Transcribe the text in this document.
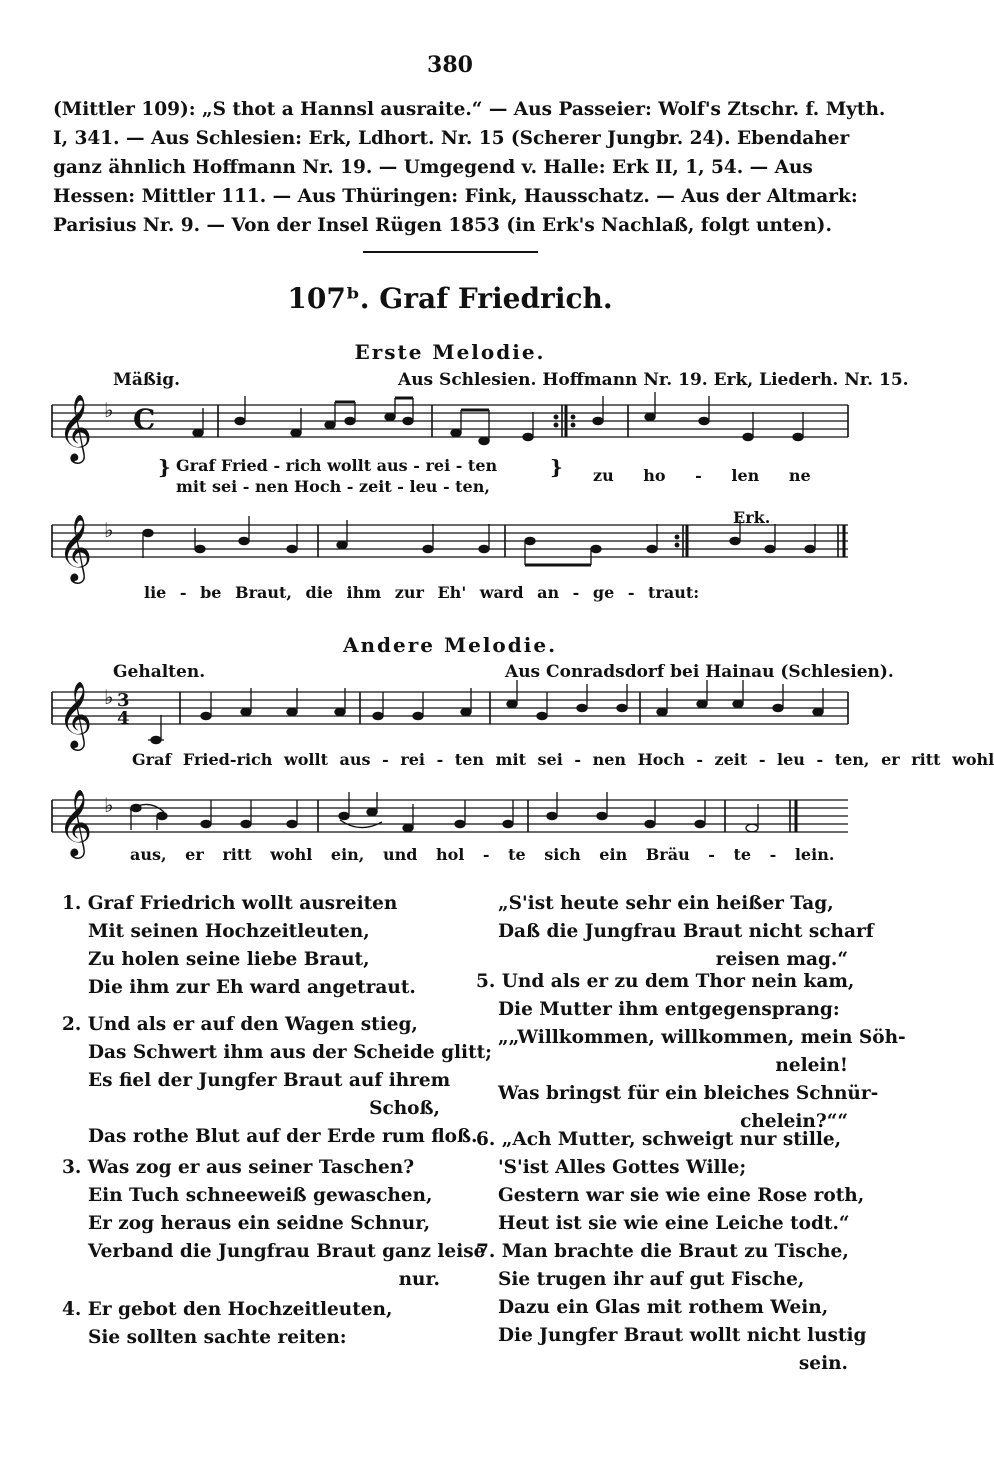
380
(Mittler 109): „S thot a Hannsl ausraite.“ — Aus Passeier: Wolf's Ztschr. f. Myth.
I, 341. — Aus Schlesien: Erk, Ldhort. Nr. 15 (Scherer Jungbr. 24). Ebendaher
ganz ähnlich Hoffmann Nr. 19. — Umgegend v. Halle: Erk II, 1, 54. — Aus
Hessen: Mittler 111. — Aus Thüringen: Fink, Hausschatz. — Aus der Altmark:
Parisius Nr. 9. — Von der Insel Rügen 1853 (in Erk's Nachlaß, folgt unten).
107ᵇ. Graf Friedrich.
Erste Melodie.
Mäßig.	Aus Schlesien. Hoffmann Nr. 19. Erk, Liederh. Nr. 15.
𝄞
𝄞
𝄞
𝄞
♭
♭
♭
♭
C
3
4
} Graf Fried - rich wollt aus - rei - ten
mit sei - nen Hoch - zeit - leu - ten,
} zu ho - len ne
Erk.
lie - be Braut, die ihm zur Eh' ward an - ge - traut:
Andere Melodie.
Gehalten.	Aus Conradsdorf bei Hainau (Schlesien).
Graf Fried-rich wollt aus - rei - ten mit sei - nen Hoch - zeit - leu - ten, er ritt wohl
aus, er ritt wohl ein, und hol - te sich ein Bräu - te - lein.
1. Graf Friedrich wollt ausreiten
Mit seinen Hochzeitleuten,
Zu holen seine liebe Braut,
Die ihm zur Eh ward angetraut.
2. Und als er auf den Wagen stieg,
Das Schwert ihm aus der Scheide glitt;
Es fiel der Jungfer Braut auf ihrem
Schoß,
Das rothe Blut auf der Erde rum floß.
3. Was zog er aus seiner Taschen?
Ein Tuch schneeweiß gewaschen,
Er zog heraus ein seidne Schnur,
Verband die Jungfrau Braut ganz leise
nur.
4. Er gebot den Hochzeitleuten,
Sie sollten sachte reiten:
„S'ist heute sehr ein heißer Tag,
Daß die Jungfrau Braut nicht scharf
reisen mag.“
5. Und als er zu dem Thor nein kam,
Die Mutter ihm entgegensprang:
„„Willkommen, willkommen, mein Söh-
nelein!
Was bringst für ein bleiches Schnür-
chelein?““
6. „Ach Mutter, schweigt nur stille,
'S'ist Alles Gottes Wille;
Gestern war sie wie eine Rose roth,
Heut ist sie wie eine Leiche todt.“
7. Man brachte die Braut zu Tische,
Sie trugen ihr auf gut Fische,
Dazu ein Glas mit rothem Wein,
Die Jungfer Braut wollt nicht lustig
sein.
